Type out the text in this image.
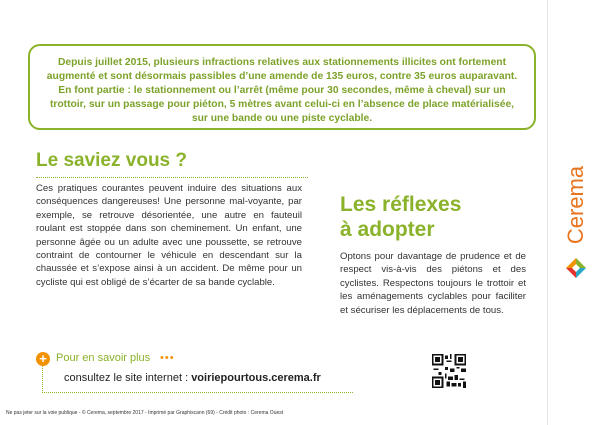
Depuis juillet 2015, plusieurs infractions relatives aux stationnements illicites ont fortement augmenté et sont désormais passibles d’une amende de 135 euros, contre 35 euros auparavant. En font partie : le stationnement ou l’arrêt (même pour 30 secondes, même à cheval) sur un trottoir, sur un passage pour piéton, 5 mètres avant celui-ci en l’absence de place matérialisée, sur une bande ou une piste cyclable.

Le saviez vous ?

Ces pratiques courantes peuvent induire des situations aux conséquences dangereuses! Une personne mal-voyante, par exemple, se retrouve désorientée, une autre en fauteuil roulant est stoppée dans son cheminement. Un enfant, une personne âgée ou un adulte avec une poussette, se retrouve contraint de contourner le véhicule en descendant sur la chaussée et s’expose ainsi à un accident. De même pour un cycliste qui est obligé de s’écarter de sa bande cyclable.

Les réflexes
à adopter

Optons pour davantage de prudence et de respect vis-à-vis des piétons et des cyclistes. Respectons toujours le trottoir et les aménagements cyclables pour faciliter et sécuriser les déplacements de tous.

+ Pour en savoir plus •••
consultez le site internet : voiriepourtous.cerema.fr
Ne pas jeter sur la voie publique - © Cerema, septembre 2017 - Imprimé par Graphiscann (69) - Crédit photo : Cerema Ouest
Cerema
